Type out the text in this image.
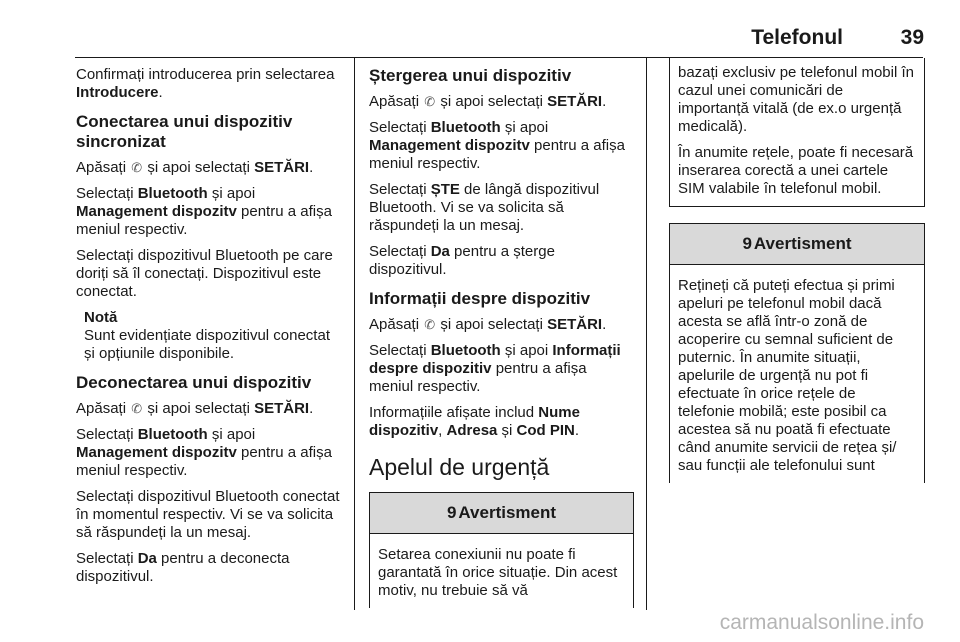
Telefonul	39

Confirmați introducerea prin selectarea Introducere.

Conectarea unui dispozitiv sincronizat

Apăsați ✆ și apoi selectați SETĂRI.

Selectați Bluetooth și apoi Management dispozitv pentru a afișa meniul respectiv.

Selectați dispozitivul Bluetooth pe care doriți să îl conectați. Dispozitivul este conectat.

Notă
Sunt evidențiate dispozitivul conectat și opțiunile disponibile.
Deconectarea unui dispozitiv

Apăsați ✆ și apoi selectați SETĂRI.

Selectați Bluetooth și apoi Management dispozitv pentru a afișa meniul respectiv.

Selectați dispozitivul Bluetooth conectat în momentul respectiv. Vi se va solicita să răspundeți la un mesaj.

Selectați Da pentru a deconecta dispozitivul.

Ștergerea unui dispozitiv

Apăsați ✆ și apoi selectați SETĂRI.

Selectați Bluetooth și apoi Management dispozitv pentru a afișa meniul respectiv.

Selectați ȘTE de lângă dispozitivul Bluetooth. Vi se va solicita să răspundeți la un mesaj.

Selectați Da pentru a șterge dispozitivul.

Informații despre dispozitiv

Apăsați ✆ și apoi selectați SETĂRI.

Selectați Bluetooth și apoi Informații despre dispozitiv pentru a afișa meniul respectiv.

Informațiile afișate includ Nume dispozitiv, Adresa și Cod PIN.

Apelul de urgență
9 Avertisment
Setarea conexiunii nu poate fi garantată în orice situație. Din acest motiv, nu trebuie să vă

bazați exclusiv pe telefonul mobil în cazul unei comunicări de importanță vitală (de ex.o urgență medicală).

În anumite rețele, poate fi necesară inserarea corectă a unei cartele SIM valabile în telefonul mobil.

9 Avertisment
Rețineți că puteți efectua și primi apeluri pe telefonul mobil dacă acesta se află într-o zonă de acoperire cu semnal suficient de puternic. În anumite situații, apelurile de urgență nu pot fi efectuate în orice rețele de telefonie mobilă; este posibil ca acestea să nu poată fi efectuate când anumite servicii de rețea și/ sau funcții ale telefonului sunt
carmanualsonline.info
